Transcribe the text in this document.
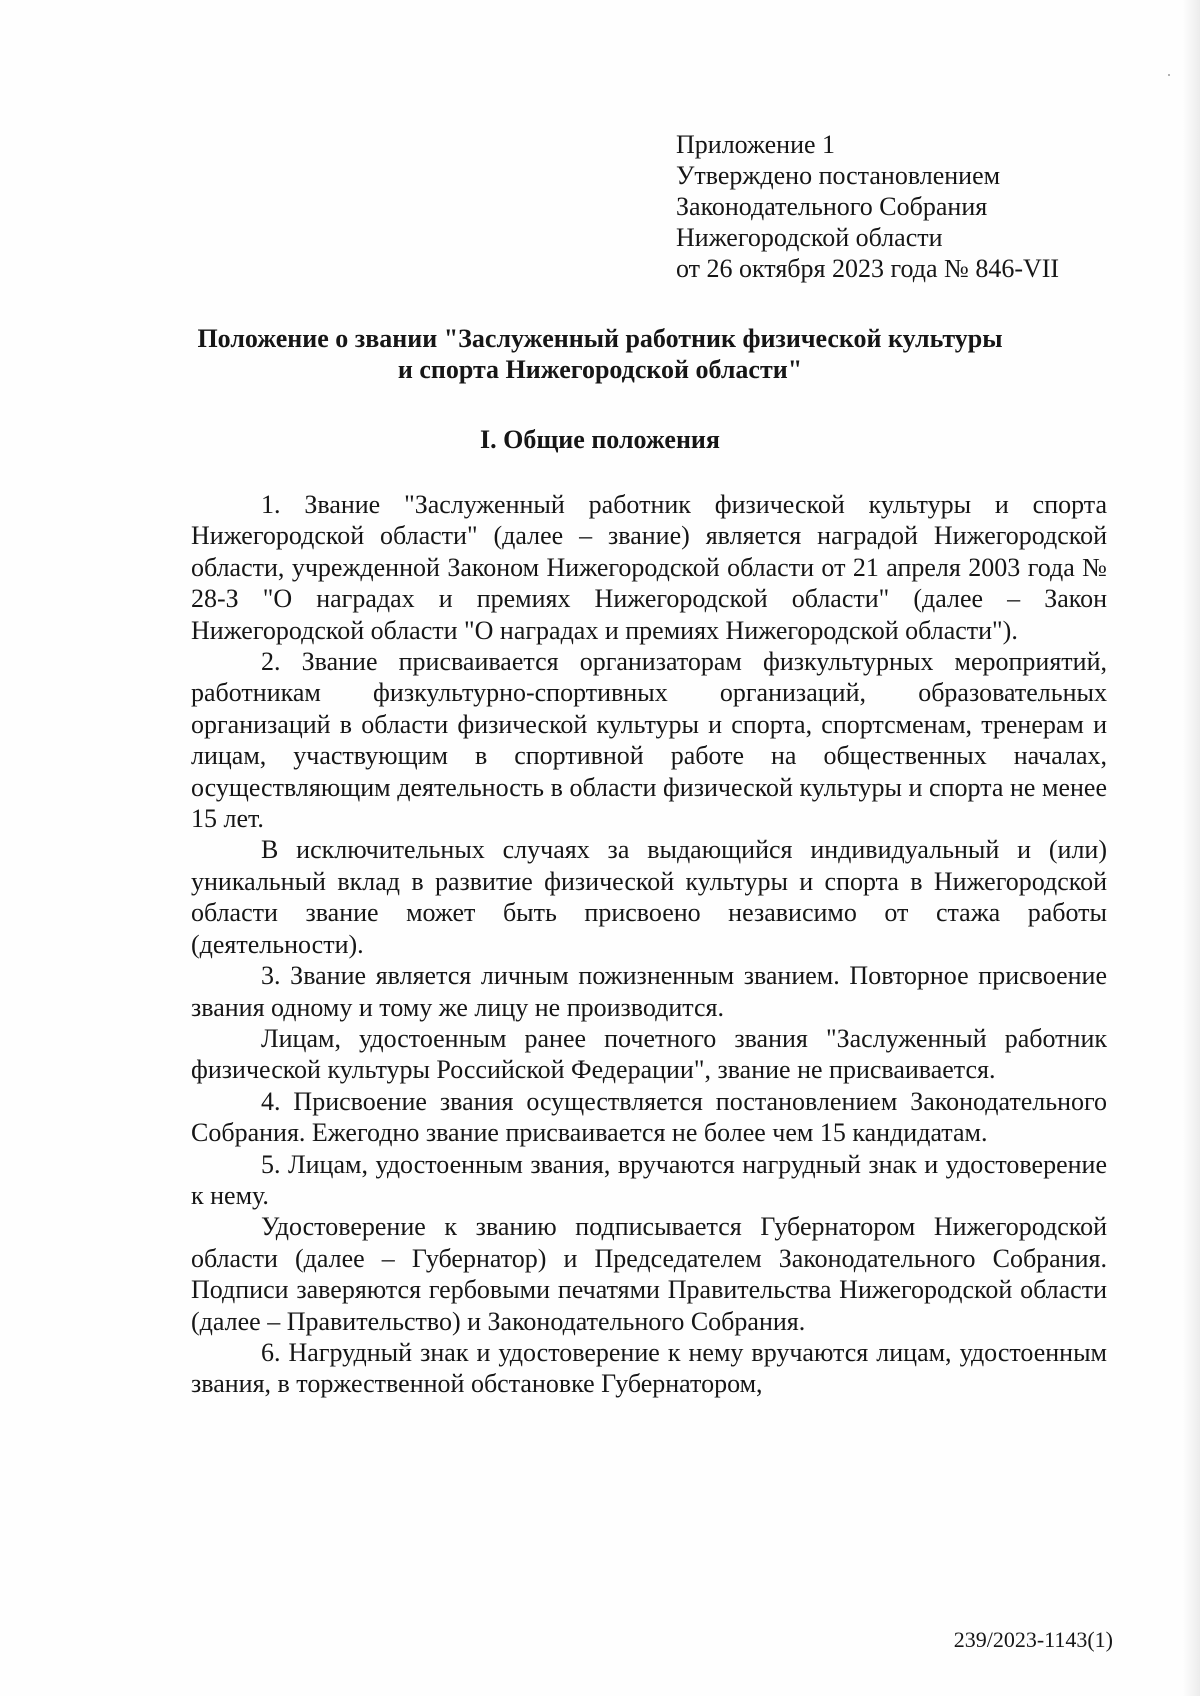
Приложение 1
Утверждено постановлением
Законодательного Собрания
Нижегородской области
от 26 октября 2023 года № 846-VII
Положение о звании "Заслуженный работник физической культуры
и спорта Нижегородской области"
I. Общие положения

1. Звание "Заслуженный работник физической культуры и спорта Нижегородской области" (далее – звание) является наградой Нижегородской области, учрежденной Законом Нижегородской области от 21 апреля 2003 года № 28-З "О наградах и премиях Нижегородской области" (далее – Закон Нижегородской области "О наградах и премиях Нижегородской области").

2. Звание присваивается организаторам физкультурных мероприятий, работникам физкультурно-спортивных организаций, образовательных организаций в области физической культуры и спорта, спортсменам, тренерам и лицам, участвующим в спортивной работе на общественных началах, осуществляющим деятельность в области физической культуры и спорта не менее 15 лет.

В исключительных случаях за выдающийся индивидуальный и (или) уникальный вклад в развитие физической культуры и спорта в Нижегородской области звание может быть присвоено независимо от стажа работы (деятельности).

3. Звание является личным пожизненным званием. Повторное присвоение звания одному и тому же лицу не производится.

Лицам, удостоенным ранее почетного звания "Заслуженный работник физической культуры Российской Федерации", звание не присваивается.

4. Присвоение звания осуществляется постановлением Законодательного Собрания. Ежегодно звание присваивается не более чем 15 кандидатам.

5. Лицам, удостоенным звания, вручаются нагрудный знак и удостоверение к нему.

Удостоверение к званию подписывается Губернатором Нижегородской области (далее – Губернатор) и Председателем Законодательного Собрания. Подписи заверяются гербовыми печатями Правительства Нижегородской области (далее – Правительство) и Законодательного Собрания.

6. Нагрудный знак и удостоверение к нему вручаются лицам, удостоенным звания, в торжественной обстановке Губернатором,

239/2023-1143(1)
